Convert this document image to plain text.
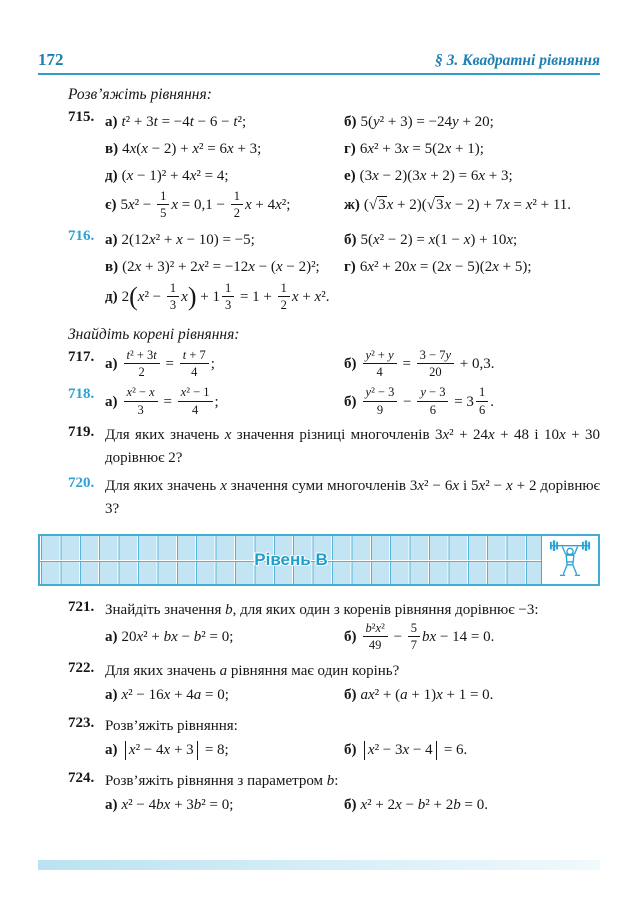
172	§ 3. Квадратні рівняння
Розв’яжіть рівняння:
715. а) t² + 3t = −4t − 6 − t²;	б) 5(y² + 3) = −24y + 20;
в) 4x(x − 2) + x² = 6x + 3;	г) 6x² + 3x = 5(2x + 1);
д) (x − 1)² + 4x² = 4;	е) (3x − 2)(3x + 2) = 6x + 3;
є) $5x^2 - \frac{1}{5}$ $x = 0,1 - \frac{1}{2}$ x + 4x²;	ж) (√3x + 2)(√3x − 2) + 7x = x² + 11.
716. а) 2(12x² + x − 10) = −5;	б) 5(x² − 2) = x(1 − x) + 10x;
в) (2x + 3)² + 2x² = −12x − (x − 2)²;	г) 6x² + 20x = (2x − 5)(2x + 5);
д) $2(x^2 - \frac{1}{3} x) + 1 \frac{1}{3} = 1 + \frac{1}{2}$ x + x².
Знайдіть корені рівняння:
717. $а) \frac{\text{t² + 3t}}{2} = \frac{t + 7}{4}$ ;	$б) \frac{\text{y² + y}}{4} = \frac{3 - 7y}{20} + 0,3$.
718. $а) \frac{\text{x² − x}}{3} = \frac{\text{x² − 1}}{4}$ ;	$б) \frac{\text{y² − 3}}{9} - \frac{y - 3}{6} = 3 \frac{1}{6}$ .
719. Для яких значень x значення різниці многочленів 3x² + 24x + 48 і 10x + 30 дорівнює 2?
720. Для яких значень x значення суми многочленів 3x² − 6x і 5x² − x + 2 дорівнює 3?
Рівень В
721. Знайдіть значення b, для яких один з коренів рівняння дорівнює −3:
а) 20x² + bx − b² = 0;	$б) \frac{\text{b²x²}}{49} - \frac{5}{7}$ bx − 14 = 0.
722. Для яких значень a рівняння має один корінь?
а) x² − 16x + 4a = 0;	б) ax² + (a + 1)x + 1 = 0.
723. Розв’яжіть рівняння:
а) x² − 4x + 3 = 8;	б) x² − 3x − 4 = 6.
724. Розв’яжіть рівняння з параметром b:
а) x² − 4bx + 3b² = 0;	б) x² + 2x − b² + 2b = 0.
